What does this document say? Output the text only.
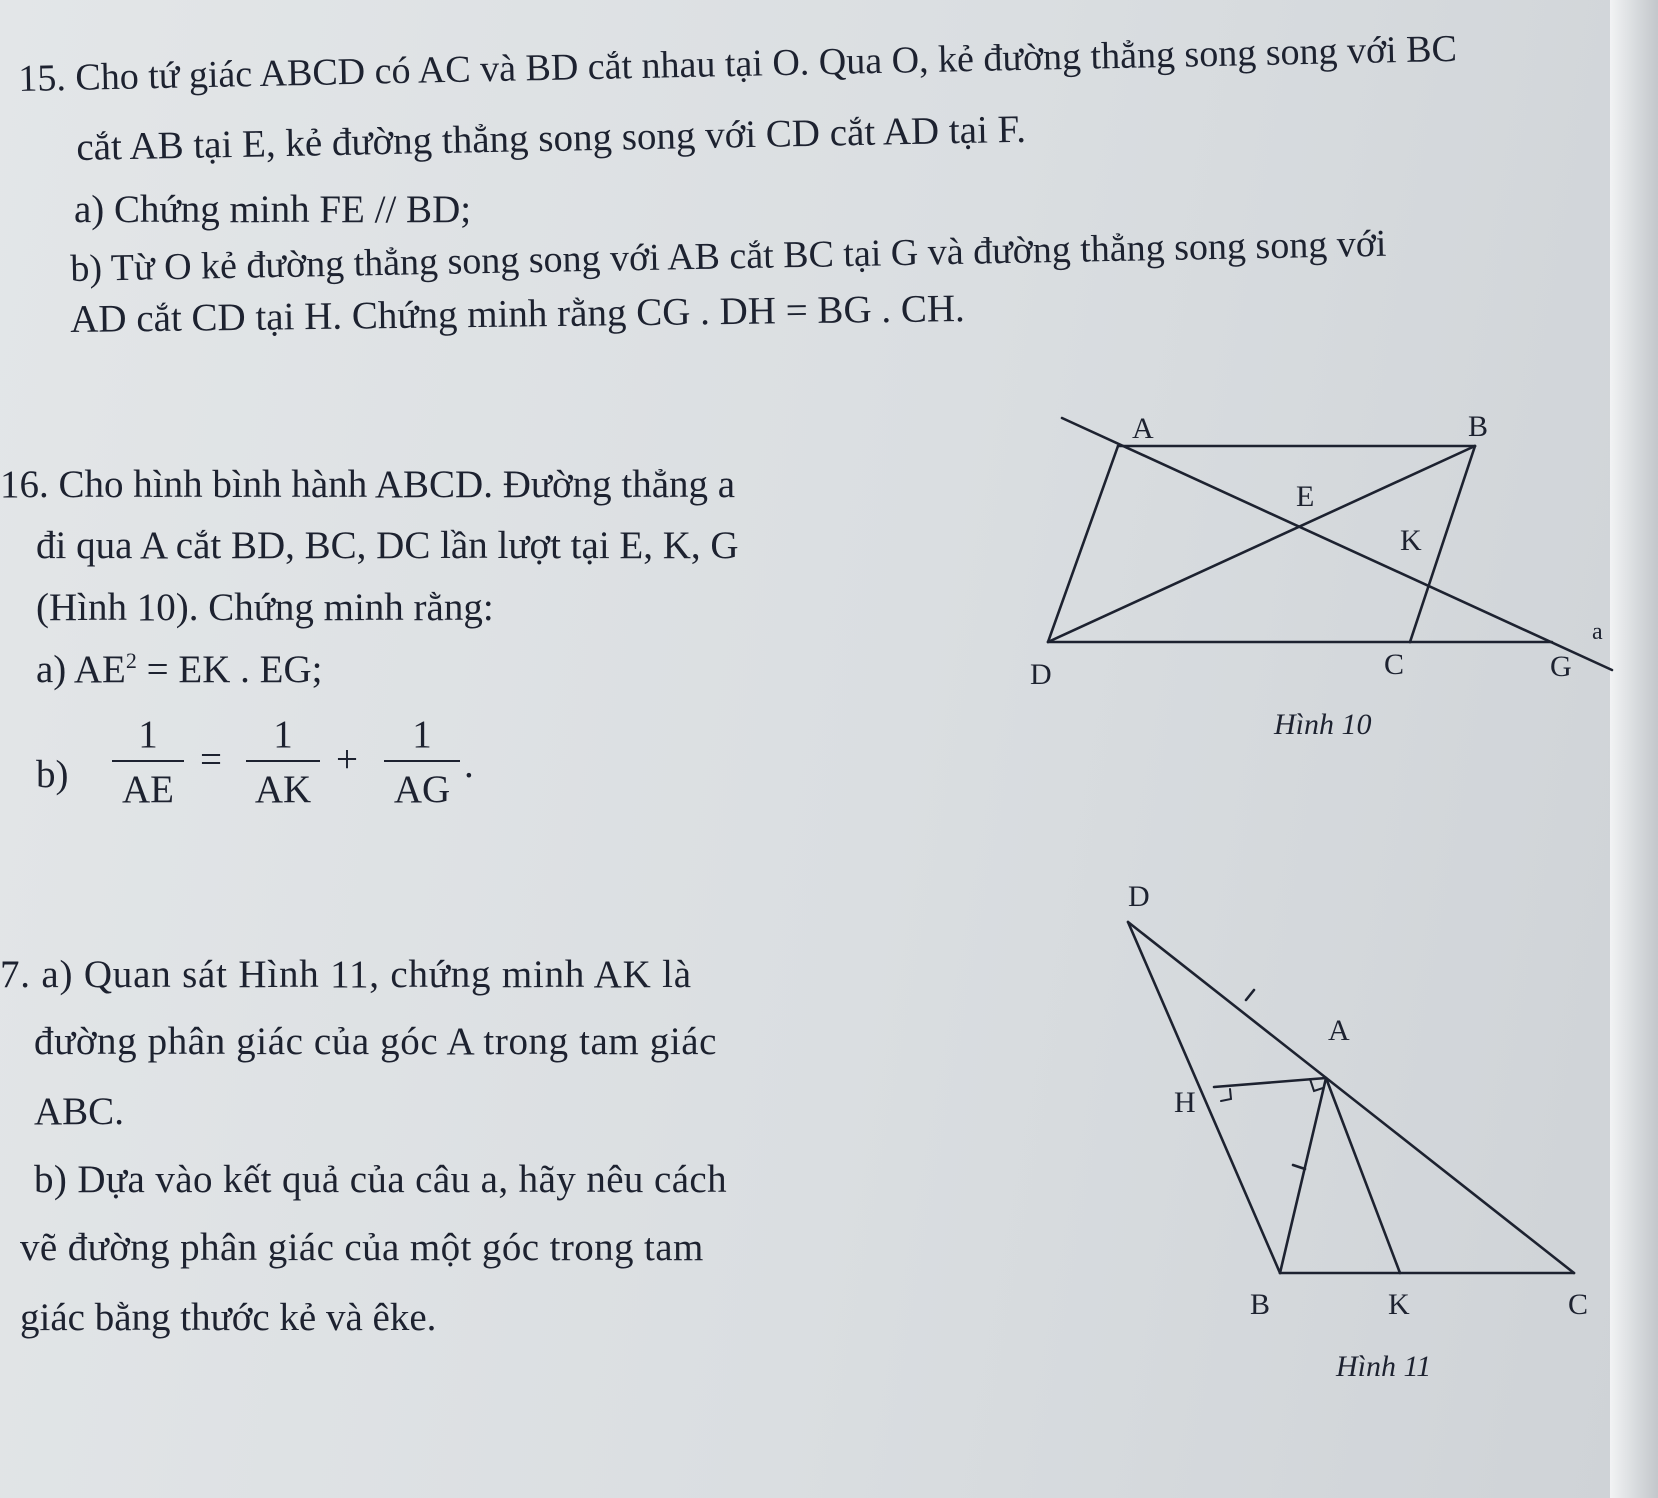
15. Cho tứ giác ABCD có AC và BD cắt nhau tại O. Qua O, kẻ đường thẳng song song với BC
cắt AB tại E, kẻ đường thẳng song song với CD cắt AD tại F.
a) Chứng minh FE // BD;
b) Từ O kẻ đường thẳng song song với AB cắt BC tại G và đường thẳng song song với
AD cắt CD tại H. Chứng minh rằng CG . DH = BG . CH.
16. Cho hình bình hành ABCD. Đường thẳng a
đi qua A cắt BD, BC, DC lần lượt tại E, K, G
(Hình 10). Chứng minh rằng:
a) $AE^2$ = EK . EG;
b)
1
AE
=
1
AK
+
1
AG
.
7. a) Quan sát Hình 11, chứng minh AK là
đường phân giác của góc A trong tam giác
ABC.
b) Dựa vào kết quả của câu a, hãy nêu cách
vẽ đường phân giác của một góc trong tam
giác bằng thước kẻ và êke.
A	B
E
K
a
D	C	G
Hình 10
D
A
H
B	K	C
Hình 11
